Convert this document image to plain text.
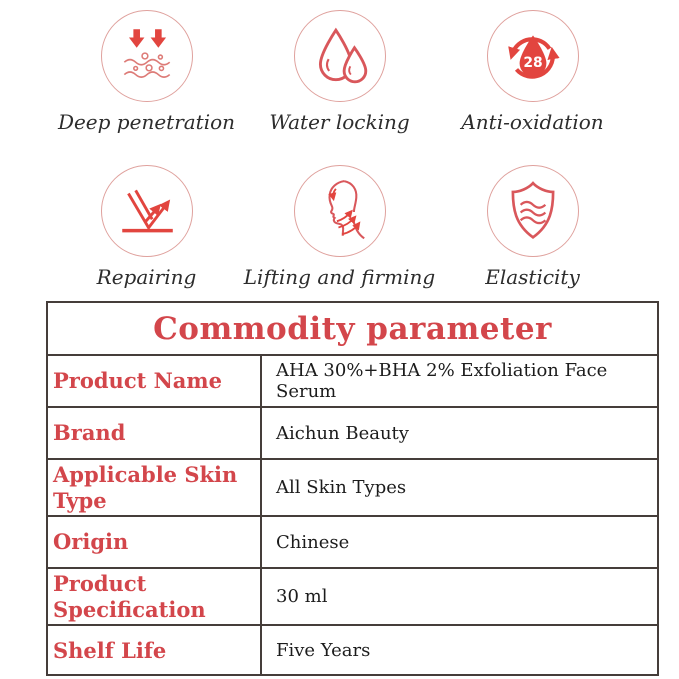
Deep penetration Water locking
28
Anti-oxidation
Repairing Lifting and firming Elasticity
Commodity parameter	
Product Name	AHA 30%+BHA 2% Exfoliation Face Serum
Brand	Aichun Beauty
Applicable Skin Type	All Skin Types
Origin	Chinese
Product Specification	30 ml
Shelf Life	Five Years
